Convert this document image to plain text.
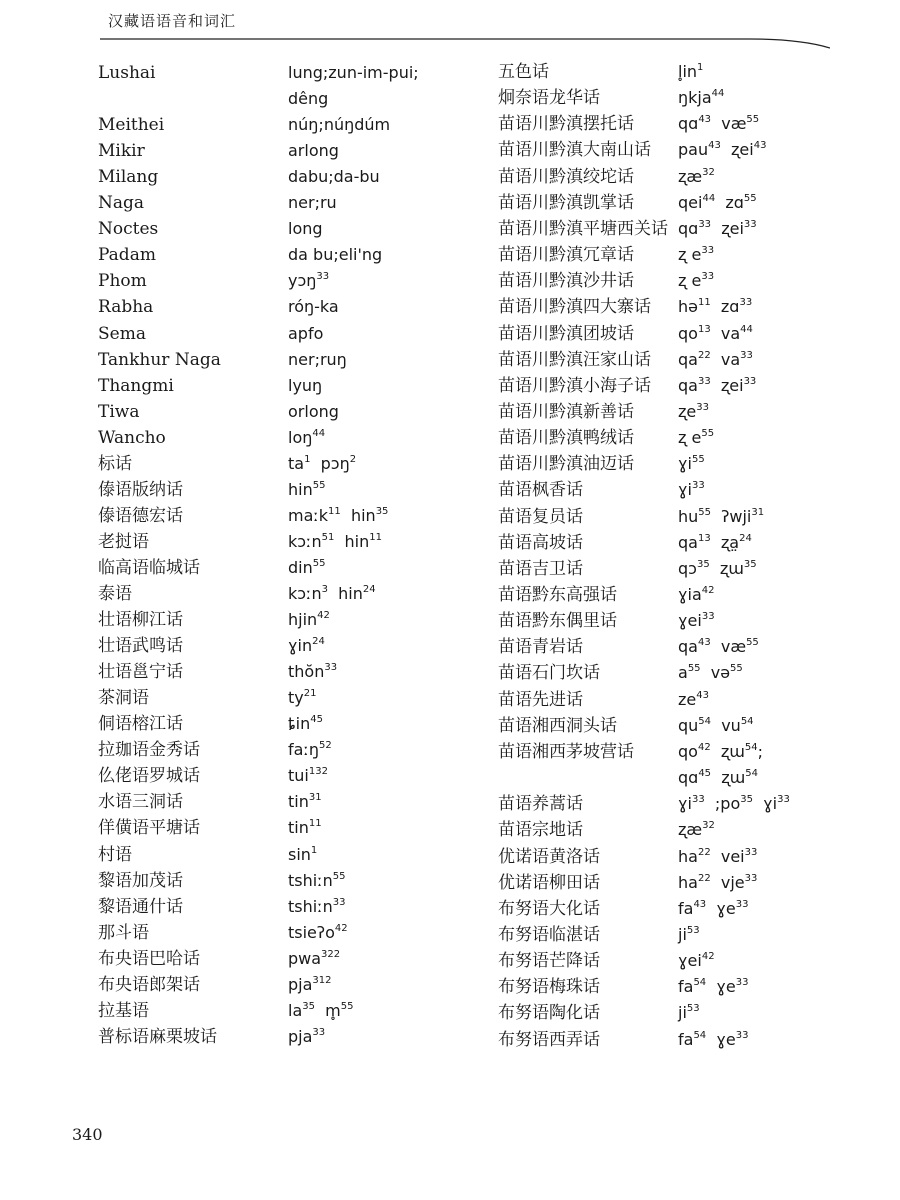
汉藏语语音和词汇
Lushai	lung;zun-im-pui;
dêng
Meithei	núŋ;núŋdúm
Mikir	arlong
Milang	dabu;da-bu
Naga	ner;ru
Noctes	long
Padam	da bu;eli'ng
Phom	yɔŋ$^{33}$
Rabha	róŋ-ka
Sema	apfo
Tankhur Naga	ner;ruŋ
Thangmi	lyuŋ
Tiwa	orlong
Wancho	loŋ$^{44}$
标话	$ta^1$ pɔŋ$^2$
傣语版纳话	hin$^{55}$
傣语德宏话	maːk$^{11}$ hin$^{35}$
老挝语	kɔːn$^{51}$ hin$^{11}$
临高语临城话	din$^{55}$
泰语	kɔːn$^3$ hin$^{24}$
壮语柳江话	hjin$^{42}$
壮语武鸣话	ɣin$^{24}$
壮语邕宁话	thŏn$^{33}$
茶洞语	$ty^{21}$
侗语榕江话	ȶin$^{45}$
拉珈语金秀话	faːŋ$^{52}$
仫佬语罗城话	tui$^{132}$
水语三洞话	tin$^{31}$
佯僙语平塘话	tin$^{11}$
村语	$\sin^1$
黎语加茂话	tshiːn$^{55}$
黎语通什话	tshiːn$^{33}$
那斗语	tsieʔo$^{42}$
布央语巴哈话	pwa$^{322}$
布央语郎架话	pja$^{312}$
拉基语	$la^{35}$ m̥$^{55}$
普标语麻栗坡话	pja$^{33}$
五色话	$l̥in^1$
炯奈语龙华话	ŋkja$^{44}$
苗语川黔滇摆托话	qɑ$^{43}$ $væ^{55}$
苗语川黔滇大南山话 pau$^{43}$ ʐei$^{43}$
苗语川黔滇绞坨话	ʐæ$^{32}$
苗语川黔滇凯掌话	qei$^{44}$ zɑ$^{55}$
苗语川黔滇平塘西关话 qɑ$^{33}$ ʐei$^{33}$
苗语川黔滇冗章话	ʐ $e^{33}$
苗语川黔滇沙井话	ʐ $e^{33}$
苗语川黔滇四大寨话 hə$^{11}$ zɑ$^{33}$
苗语川黔滇团坡话	$qo^{13}$ $va^{44}$
苗语川黔滇汪家山话 $qa^{22}$ $va^{33}$
苗语川黔滇小海子话 $qa^{33}$ ʐei$^{33}$
苗语川黔滇新善话	ʐe$^{33}$
苗语川黔滇鸭绒话	ʐ $e^{55}$
苗语川黔滇油迈话	ɣi$^{55}$
苗语枫香话	ɣi$^{33}$
苗语复员话	$hu^{55}$ ʔwji$^{31}$
苗语高坡话	$qa^{13}$ ʐa̤$^{24}$
苗语吉卫话	qɔ$^{35}$ ʐɯ$^{35}$
苗语黔东高强话	ɣia$^{42}$
苗语黔东偶里话	ɣei$^{33}$
苗语青岩话	$qa^{43}$ $væ^{55}$
苗语石门坎话	$a^{55}$ və$^{55}$
苗语先进话	$ze^{43}$
苗语湘西洞头话	$qu^{54}$ $vu^{54}$
苗语湘西茅坡营话	$qo^{42}$ ʐɯ$^{54}$;
qɑ$^{45}$ ʐɯ$^{54}$
苗语养蒿话	ɣi$^{33}$ $;po^{35}$ ɣi$^{33}$
苗语宗地话	ʐæ$^{32}$
优诺语黄洛话	$ha^{22}$ vei$^{33}$
优诺语柳田话	$ha^{22}$ vje$^{33}$
布努语大化话	$fa^{43}$ ɣe$^{33}$
布努语临湛话	$ji^{53}$
布努语芒降话	ɣei$^{42}$
布努语梅珠话	$fa^{54}$ ɣe$^{33}$
布努语陶化话	$ji^{53}$
布努语西弄话	$fa^{54}$ ɣe$^{33}$
340
